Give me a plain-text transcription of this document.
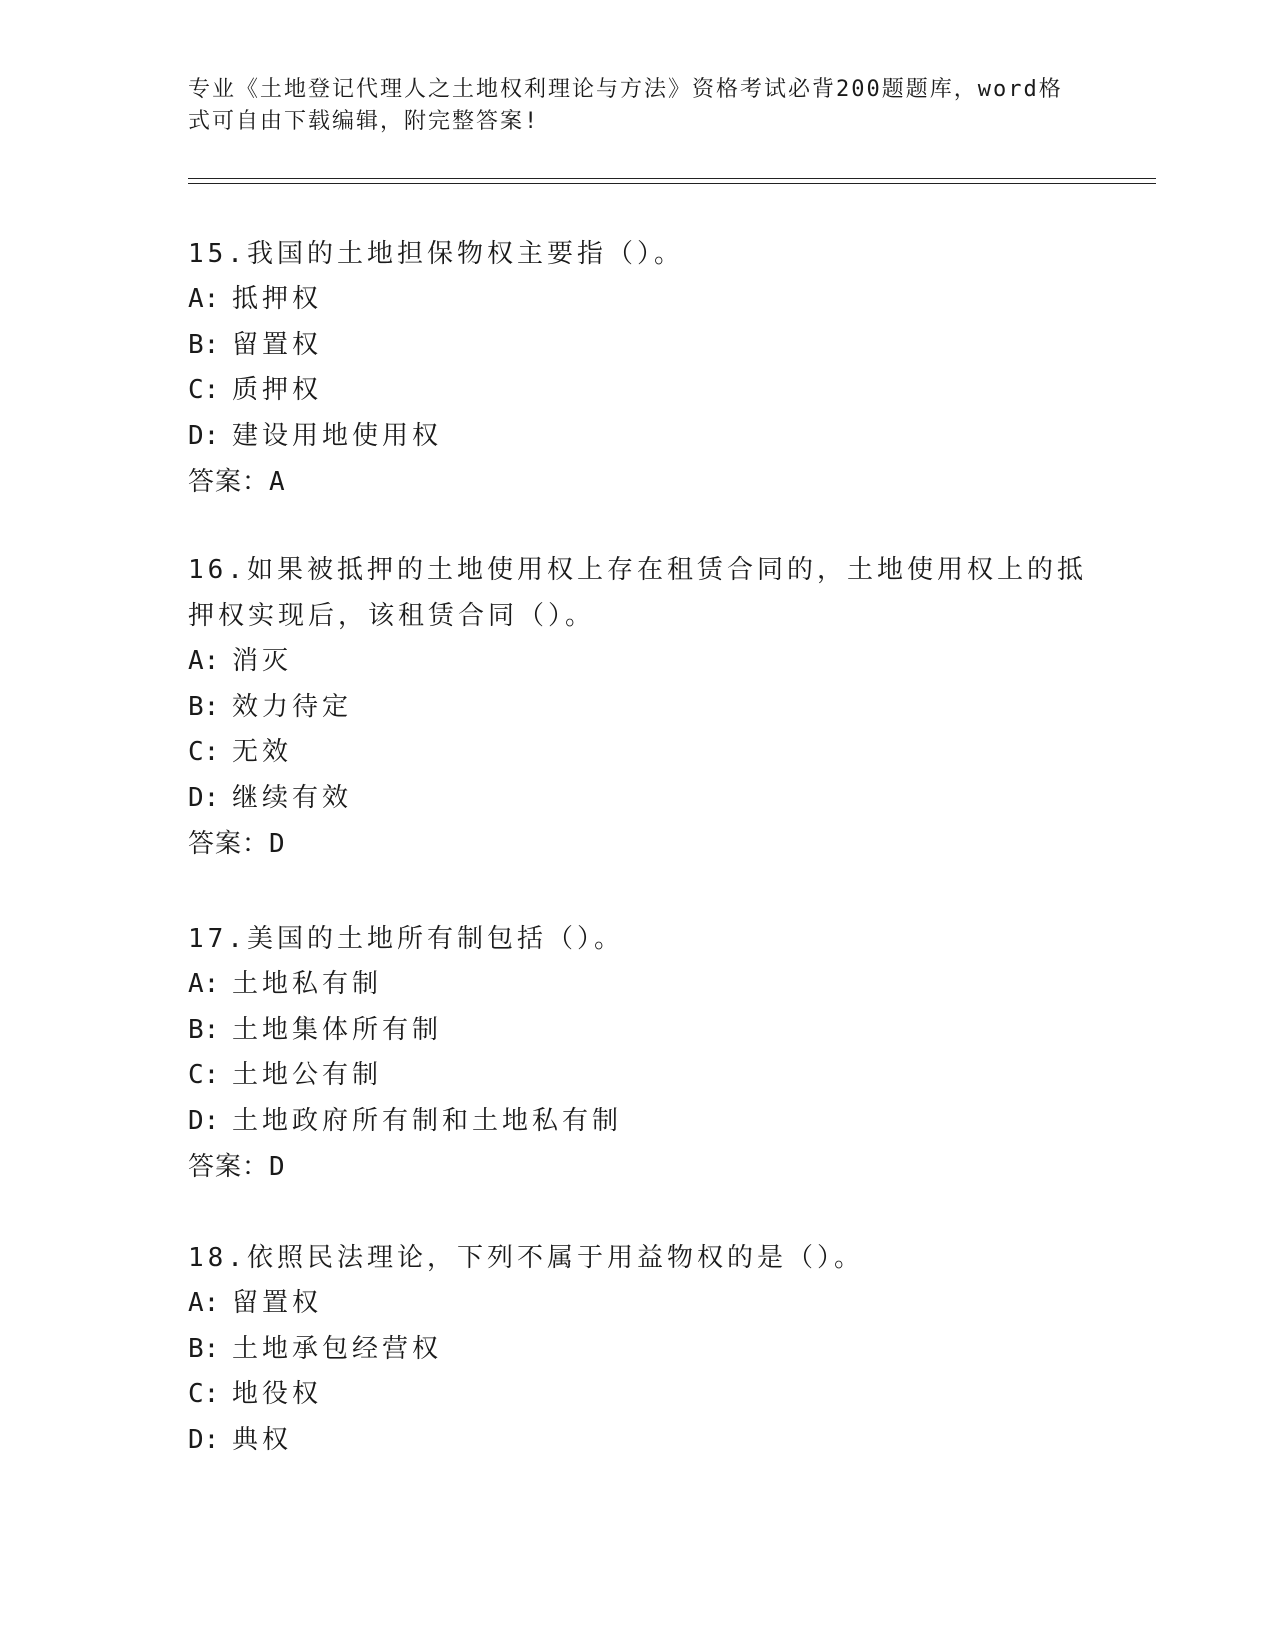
专业《土地登记代理人之土地权利理论与方法》资格考试必背200题题库，word格式可自由下载编辑，附完整答案!
15.我国的土地担保物权主要指（）。
A: 抵押权
B: 留置权
C: 质押权
D: 建设用地使用权
答案：A
16.如果被抵押的土地使用权上存在租赁合同的，土地使用权上的抵押权实现后，该租赁合同（）。
A: 消灭
B: 效力待定
C: 无效
D: 继续有效
答案：D
17.美国的土地所有制包括（）。
A: 土地私有制
B: 土地集体所有制
C: 土地公有制
D: 土地政府所有制和土地私有制
答案：D
18.依照民法理论，下列不属于用益物权的是（）。
A: 留置权
B: 土地承包经营权
C: 地役权
D: 典权
